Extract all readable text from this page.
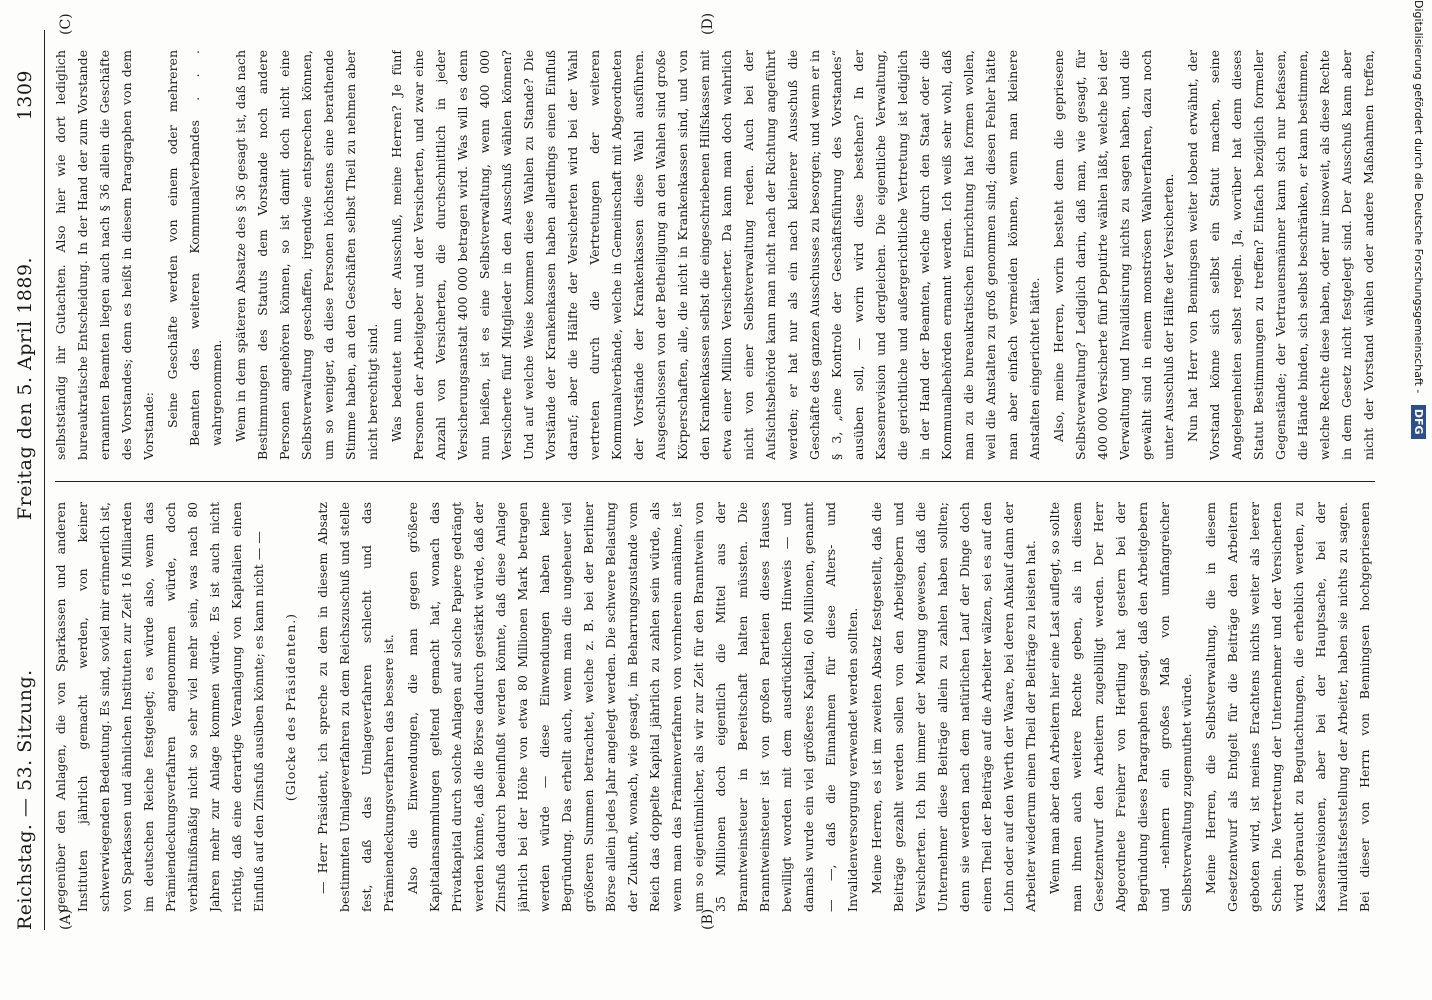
Reichstag. — 53. Sitzung.
Freitag den 5. April 1889. 1309
(A)	(B)
(C)	(D)

gegenüber den Anlagen, die von Sparkassen und anderen Instituten jährlich gemacht werden, von keiner schwerwiegenden Bedeutung. Es sind, soviel mir erinnerlich ist, von Sparkassen und ähnlichen Instituten zur Zeit 16 Milliarden im deutschen Reiche festgelegt; es würde also, wenn das Prämiendeckungsverfahren angenommen würde, doch verhältnißmäßig nicht so sehr viel mehr sein, was nach 80 Jahren mehr zur Anlage kommen würde. Es ist auch nicht richtig, daß eine derartige Veranlagung von Kapitalien einen Einfluß auf den Zinsfuß ausüben könnte; es kann nicht — —	(Glocke des Präsidenten.)	— Herr Präsident, ich spreche zu dem in diesem Absatz bestimmten Umlageverfahren zu dem Reichszuschuß und stelle fest, daß das Umlageverfahren schlecht und das Prämiendeckungsverfahren das bessere ist. Also die Einwendungen, die man gegen größere Kapitalansammlungen geltend gemacht hat, wonach das Privatkapital durch solche Anlagen auf solche Papiere gedrängt werden könnte, daß die Börse dadurch gestärkt würde, daß der Zinsfuß dadurch beeinflußt werden könnte, daß diese Anlage jährlich bei der Höhe von etwa 80 Millionen Mark betragen werden würde — diese Einwendungen haben keine Begründung. Das erhellt auch, wenn man die ungeheuer viel größeren Summen betrachtet, welche z. B. bei der Berliner Börse allein jedes Jahr angelegt werden. Die schwere Belastung der Zukunft, wonach, wie gesagt, im Beharrungszustande vom Reich das doppelte Kapital jährlich zu zahlen sein würde, als wenn man das Prämienverfahren von vornherein annähme, ist um so eigentümlicher, als wir zur Zeit für den Branntwein von 35 Millionen doch eigentlich die Mittel aus der Branntweinsteuer in Bereitschaft halten müssten. Die Branntweinsteuer ist von großen Parteien dieses Hauses bewilligt worden mit dem ausdrücklichen Hinweis — und damals wurde ein viel größeres Kapital, 60 Millionen, genannt — —, daß die Einnahmen für diese Alters- und Invalidenversorgung verwendet werden sollten. Meine Herren, es ist im zweiten Absatz festgestellt, daß die Beiträge gezahlt werden sollen von den Arbeitgebern und Versicherten. Ich bin immer der Meinung gewesen, daß die Unternehmer diese Beiträge allein zu zahlen haben sollten; denn sie werden nach dem natürlichen Lauf der Dinge doch einen Theil der Beiträge auf die Arbeiter wälzen, sei es auf den Lohn oder auf den Werth der Waare, bei deren Ankauf dann der Arbeiter wiederum einen Theil der Beiträge zu leisten hat. Wenn man aber den Arbeitern hier eine Last auflegt, so sollte man ihnen auch weitere Rechte geben, als in diesem Gesetzentwurf den Arbeitern zugebilligt werden. Der Herr Abgeordnete Freiherr von Hertling hat gestern bei der Begründung dieses Paragraphen gesagt, daß den Arbeitgebern und -nehmern ein großes Maß von umfangreicher Selbstverwaltung zugemuthet würde. Meine Herren, die Selbstverwaltung, die in diesem Gesetzentwurf als Entgelt für die Beiträge den Arbeitern geboten wird, ist meines Erachtens nichts weiter als leerer Schein. Die Vertretung der Unternehmer und der Versicherten wird gebraucht zu Begutachtungen, die erheblich werden, zu Kassenrevisionen, aber bei der Hauptsache, bei der Invaliditätsfeststellung der Arbeiter, haben sie nichts zu sagen. Bei dieser von Herrn von Benningsen hochgepriesenen

selbstständig ihr Gutachten. Also hier wie dort lediglich bureaukratische Entscheidung. In der Hand der zum Vorstande ernannten Beamten liegen auch nach § 36 allein die Geschäfte des Vorstandes; denn es heißt in diesem Paragraphen von dem Vorstande: Seine Geschäfte werden von einem oder mehreren Beamten des weiteren Kommunalverbandes . . . wahrgenommen. Wenn in dem späteren Absatze des § 36 gesagt ist, daß nach Bestimmungen des Statuts dem Vorstande noch andere Personen angehören können, so ist damit doch nicht eine Selbstverwaltung geschaffen, irgendwie entsprechen können, um so weniger, da diese Personen höchstens eine berathende Stimme haben, an den Geschäften selbst Theil zu nehmen aber nicht berechtigt sind. Was bedeutet nun der Ausschuß, meine Herren? Je fünf Personen der Arbeitgeber und der Versicherten, und zwar eine Anzahl von Versicherten, die durchschnittlich in jeder Versicherungsanstalt 400 000 betragen wird. Was will es denn nun heißen, ist es eine Selbstverwaltung, wenn 400 000 Versicherte fünf Mitglieder in den Ausschuß wählen können? Und auf welche Weise kommen diese Wahlen zu Stande? Die Vorstände der Krankenkassen haben allerdings einen Einfluß darauf; aber die Hälfte der Versicherten wird bei der Wahl vertreten durch die Vertretungen der weiteren Kommunalverbände, welche in Gemeinschaft mit Abgeordneten der Vorstände der Krankenkassen diese Wahl ausführen. Ausgeschlossen von der Betheiligung an den Wahlen sind große Körperschaften, alle, die nicht in Krankenkassen sind, und von den Krankenkassen selbst die eingeschriebenen Hilfskassen mit etwa einer Million Versicherter. Da kann man doch wahrlich nicht von einer Selbstverwaltung reden. Auch bei der Aufsichtsbehörde kann man nicht nach der Richtung angeführt werden; er hat nur als ein nach kleinerer Ausschuß die Geschäfte des ganzen Ausschusses zu besorgen; und wenn er in § 3, „eine Kontrole der Geschäftsführung des Vorstandes“ ausüben soll, — worin wird diese bestehen? In der Kassenrevision und dergleichen. Die eigentliche Verwaltung, die gerichtliche und außergerichtliche Vertretung ist lediglich in der Hand der Beamten, welche durch den Staat oder die Kommunalbehörden ernannt werden. Ich weiß sehr wohl, daß man zu die bureaukratischen Einrichtung hat formen wollen, weil die Anstalten zu groß genommen sind; diesen Fehler hätte man aber einfach vermeiden können, wenn man kleinere Anstalten eingerichtet hätte. Also, meine Herren, worin besteht denn die gepriesene Selbstverwaltung? Lediglich darin, daß man, wie gesagt, für 400 000 Versicherte fünf Deputirte wählen läßt, welche bei der Verwaltung und Invalidisirung nichts zu sagen haben, und die gewählt sind in einem monströsen Wahlverfahren, dazu noch unter Ausschluß der Hälfte der Versicherten. Nun hat Herr von Benningsen weiter lobend erwähnt, der Vorstand könne sich selbst ein Statut machen, seine Angelegenheiten selbst regeln. Ja, worüber hat denn dieses Statut Bestimmungen zu treffen? Einfach bezüglich formeller Gegenstände; der Vertrauensmänner kann sich nur befassen, die Hände binden, sich selbst beschränken, er kann bestimmen, welche Rechte diese haben, oder nur insoweit, als diese Rechte in dem Gesetz nicht festgelegt sind. Der Ausschuß kann aber nicht der Vorstand wählen oder andere Maßnahmen treffen,	Digitalisierung gefördert durch die Deutsche Forschungsgemeinschaft - DFG
